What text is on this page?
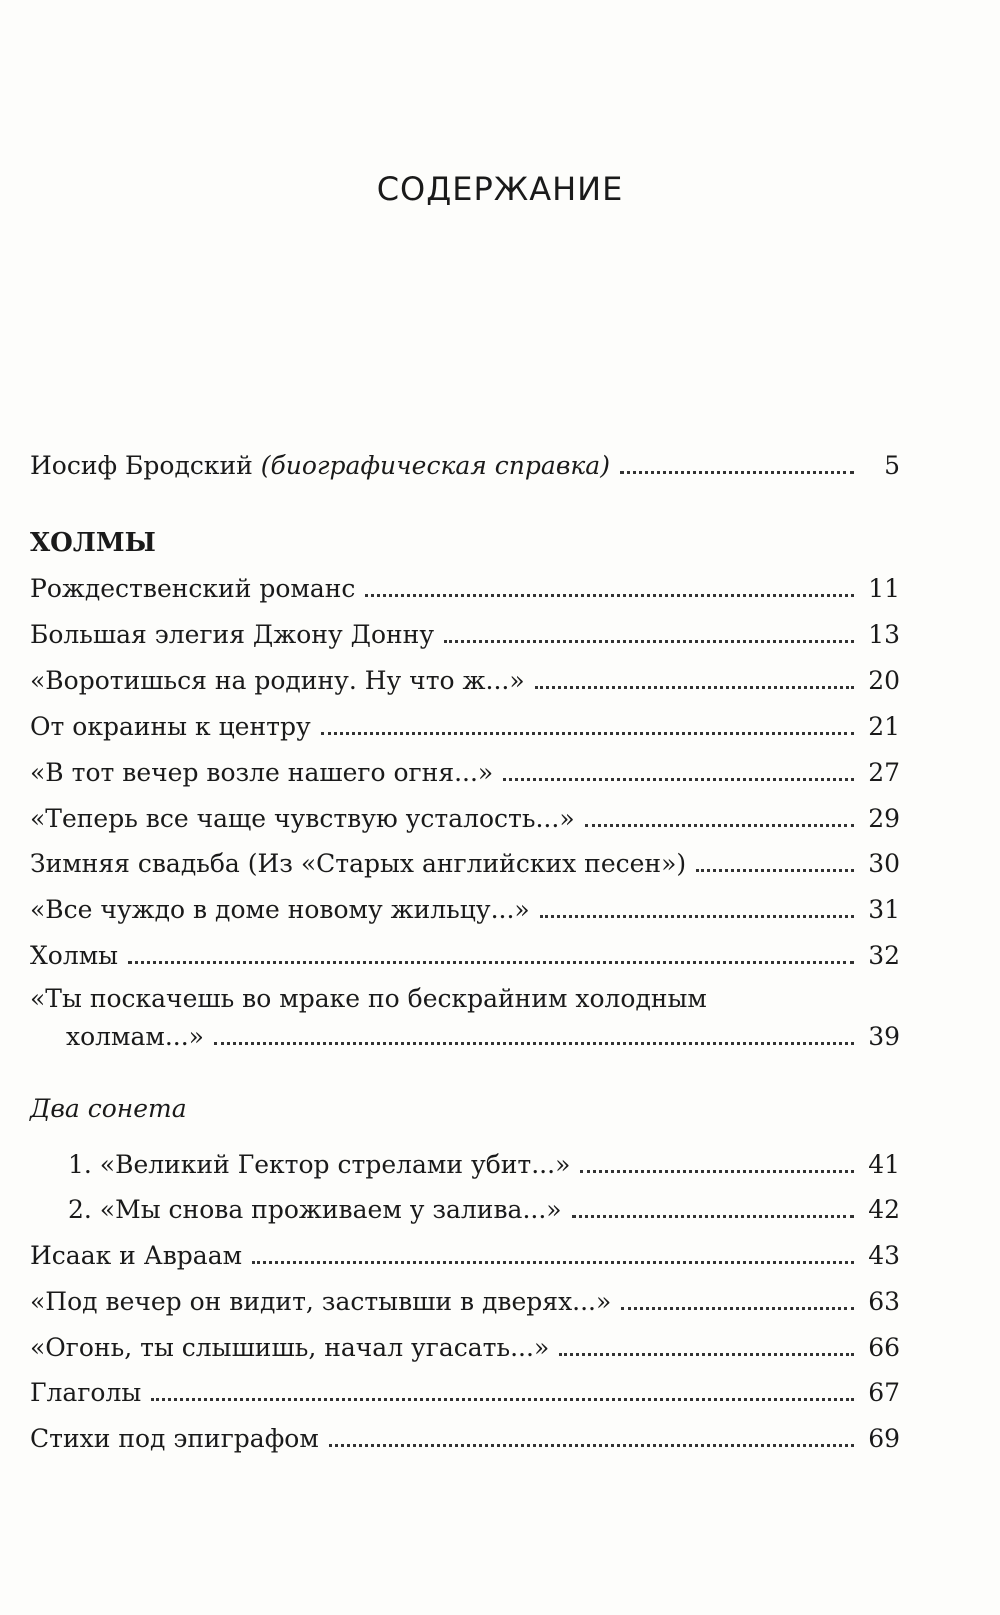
СОДЕРЖАНИЕ
Иосиф Бродский (биографическая справка)	5
ХОЛМЫ
Рождественский романс	11
Большая элегия Джону Донну	13
«Воротишься на родину. Ну что ж...»	20
От окраины к центру	21
«В тот вечер возле нашего огня...»	27
«Теперь все чаще чувствую усталость...»	29
Зимняя свадьба (Из «Старых английских песен»)	30
«Все чуждо в доме новому жильцу...»	31
Холмы	32
«Ты поскачешь во мраке по бескрайним холодным
холмам...»	39
Два сонета
1. «Великий Гектор стрелами убит...»	41
2. «Мы снова проживаем у залива...»	42
Исаак и Авраам	43
«Под вечер он видит, застывши в дверях...»	63
«Огонь, ты слышишь, начал угасать...»	66
Глаголы	67
Стихи под эпиграфом	69
